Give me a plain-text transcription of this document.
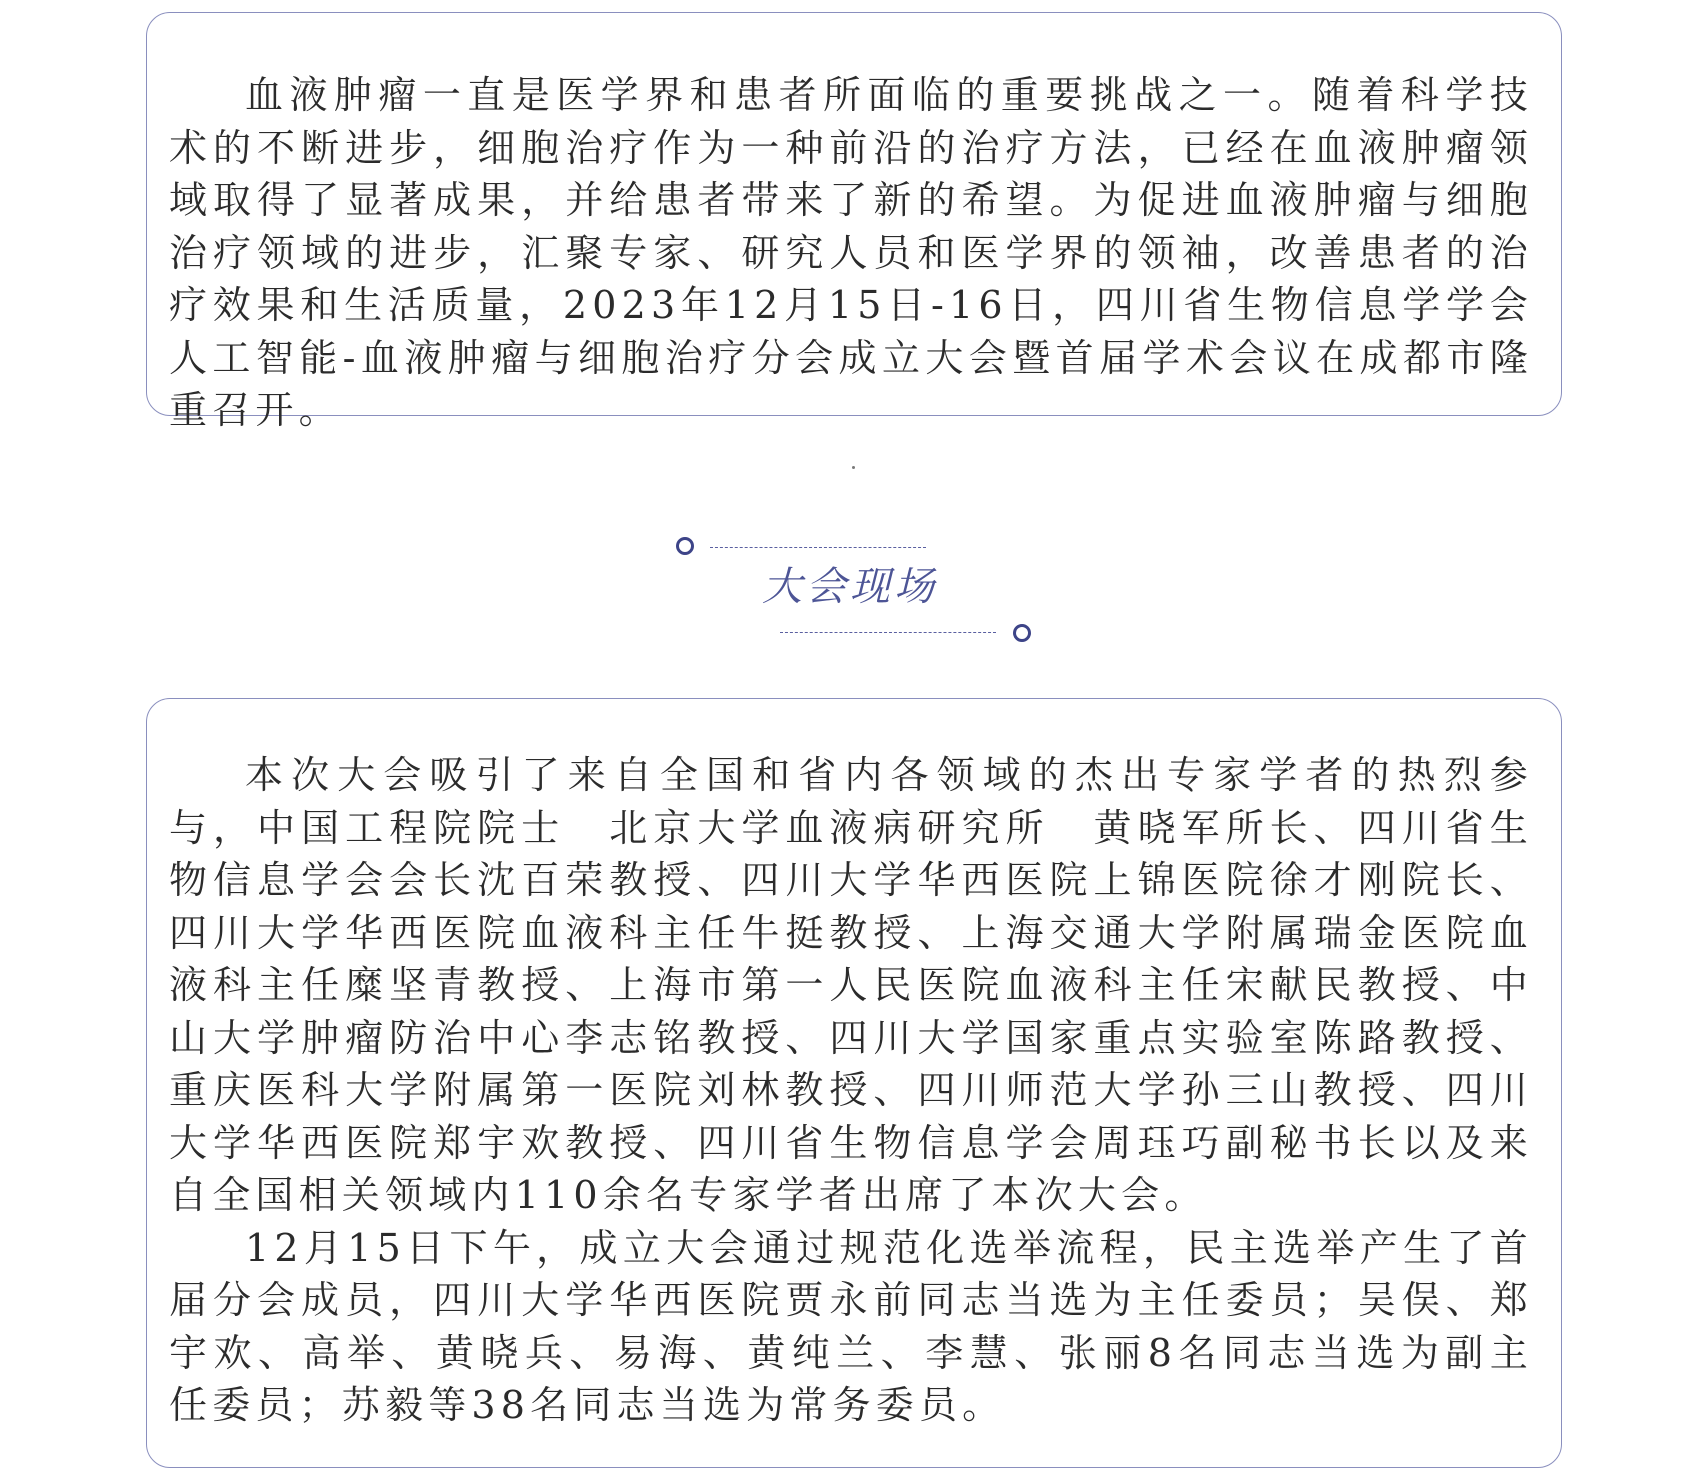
血液肿瘤一直是医学界和患者所面临的重要挑战之一。随着科学技术的不断进步，细胞治疗作为一种前沿的治疗方法，已经在血液肿瘤领域取得了显著成果，并给患者带来了新的希望。为促进血液肿瘤与细胞治疗领域的进步，汇聚专家、研究人员和医学界的领袖，改善患者的治疗效果和生活质量，2023年12月15日-16日，四川省生物信息学学会人工智能-血液肿瘤与细胞治疗分会成立大会暨首届学术会议在成都市隆重召开。

大会现场

本次大会吸引了来自全国和省内各领域的杰出专家学者的热烈参与，中国工程院院士　北京大学血液病研究所　黄晓军所长、四川省生物信息学会会长沈百荣教授、四川大学华西医院上锦医院徐才刚院长、四川大学华西医院血液科主任牛挺教授、上海交通大学附属瑞金医院血液科主任糜坚青教授、上海市第一人民医院血液科主任宋献民教授、中山大学肿瘤防治中心李志铭教授、四川大学国家重点实验室陈路教授、重庆医科大学附属第一医院刘林教授、四川师范大学孙三山教授、四川大学华西医院郑宇欢教授、四川省生物信息学会周珏巧副秘书长以及来自全国相关领域内110余名专家学者出席了本次大会。

12月15日下午，成立大会通过规范化选举流程，民主选举产生了首届分会成员，四川大学华西医院贾永前同志当选为主任委员；吴俣、郑宇欢、高举、黄晓兵、易海、黄纯兰、李慧、张丽8名同志当选为副主任委员；苏毅等38名同志当选为常务委员。
